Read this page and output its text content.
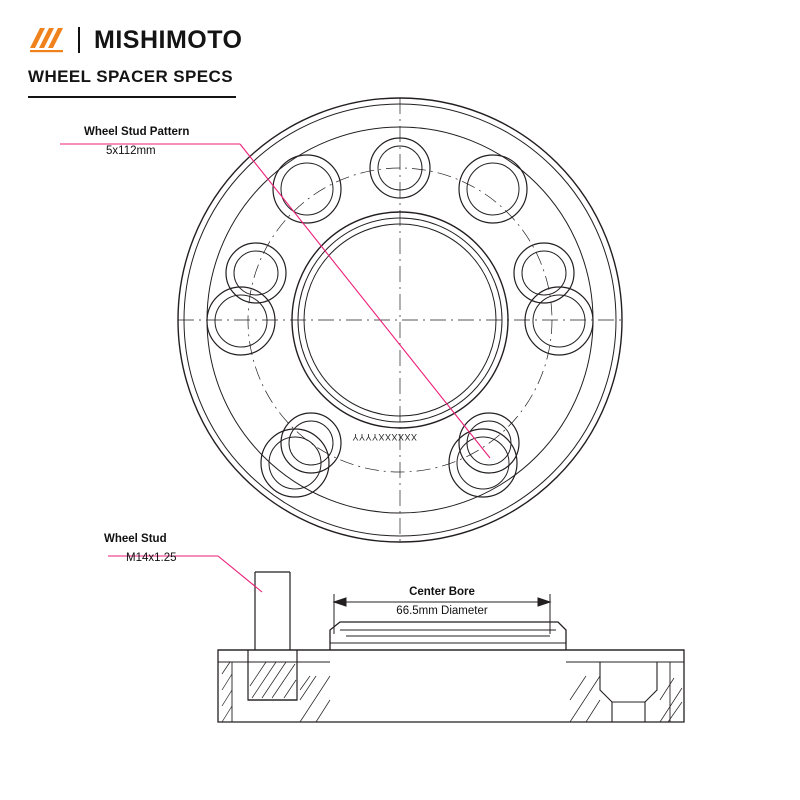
MISHIMOTO
WHEEL SPACER SPECS
Wheel Stud Pattern
5x112mm
Wheel Stud
M14x1.25
Center Bore
66.5mm Diameter
XXXXXXYYYY
